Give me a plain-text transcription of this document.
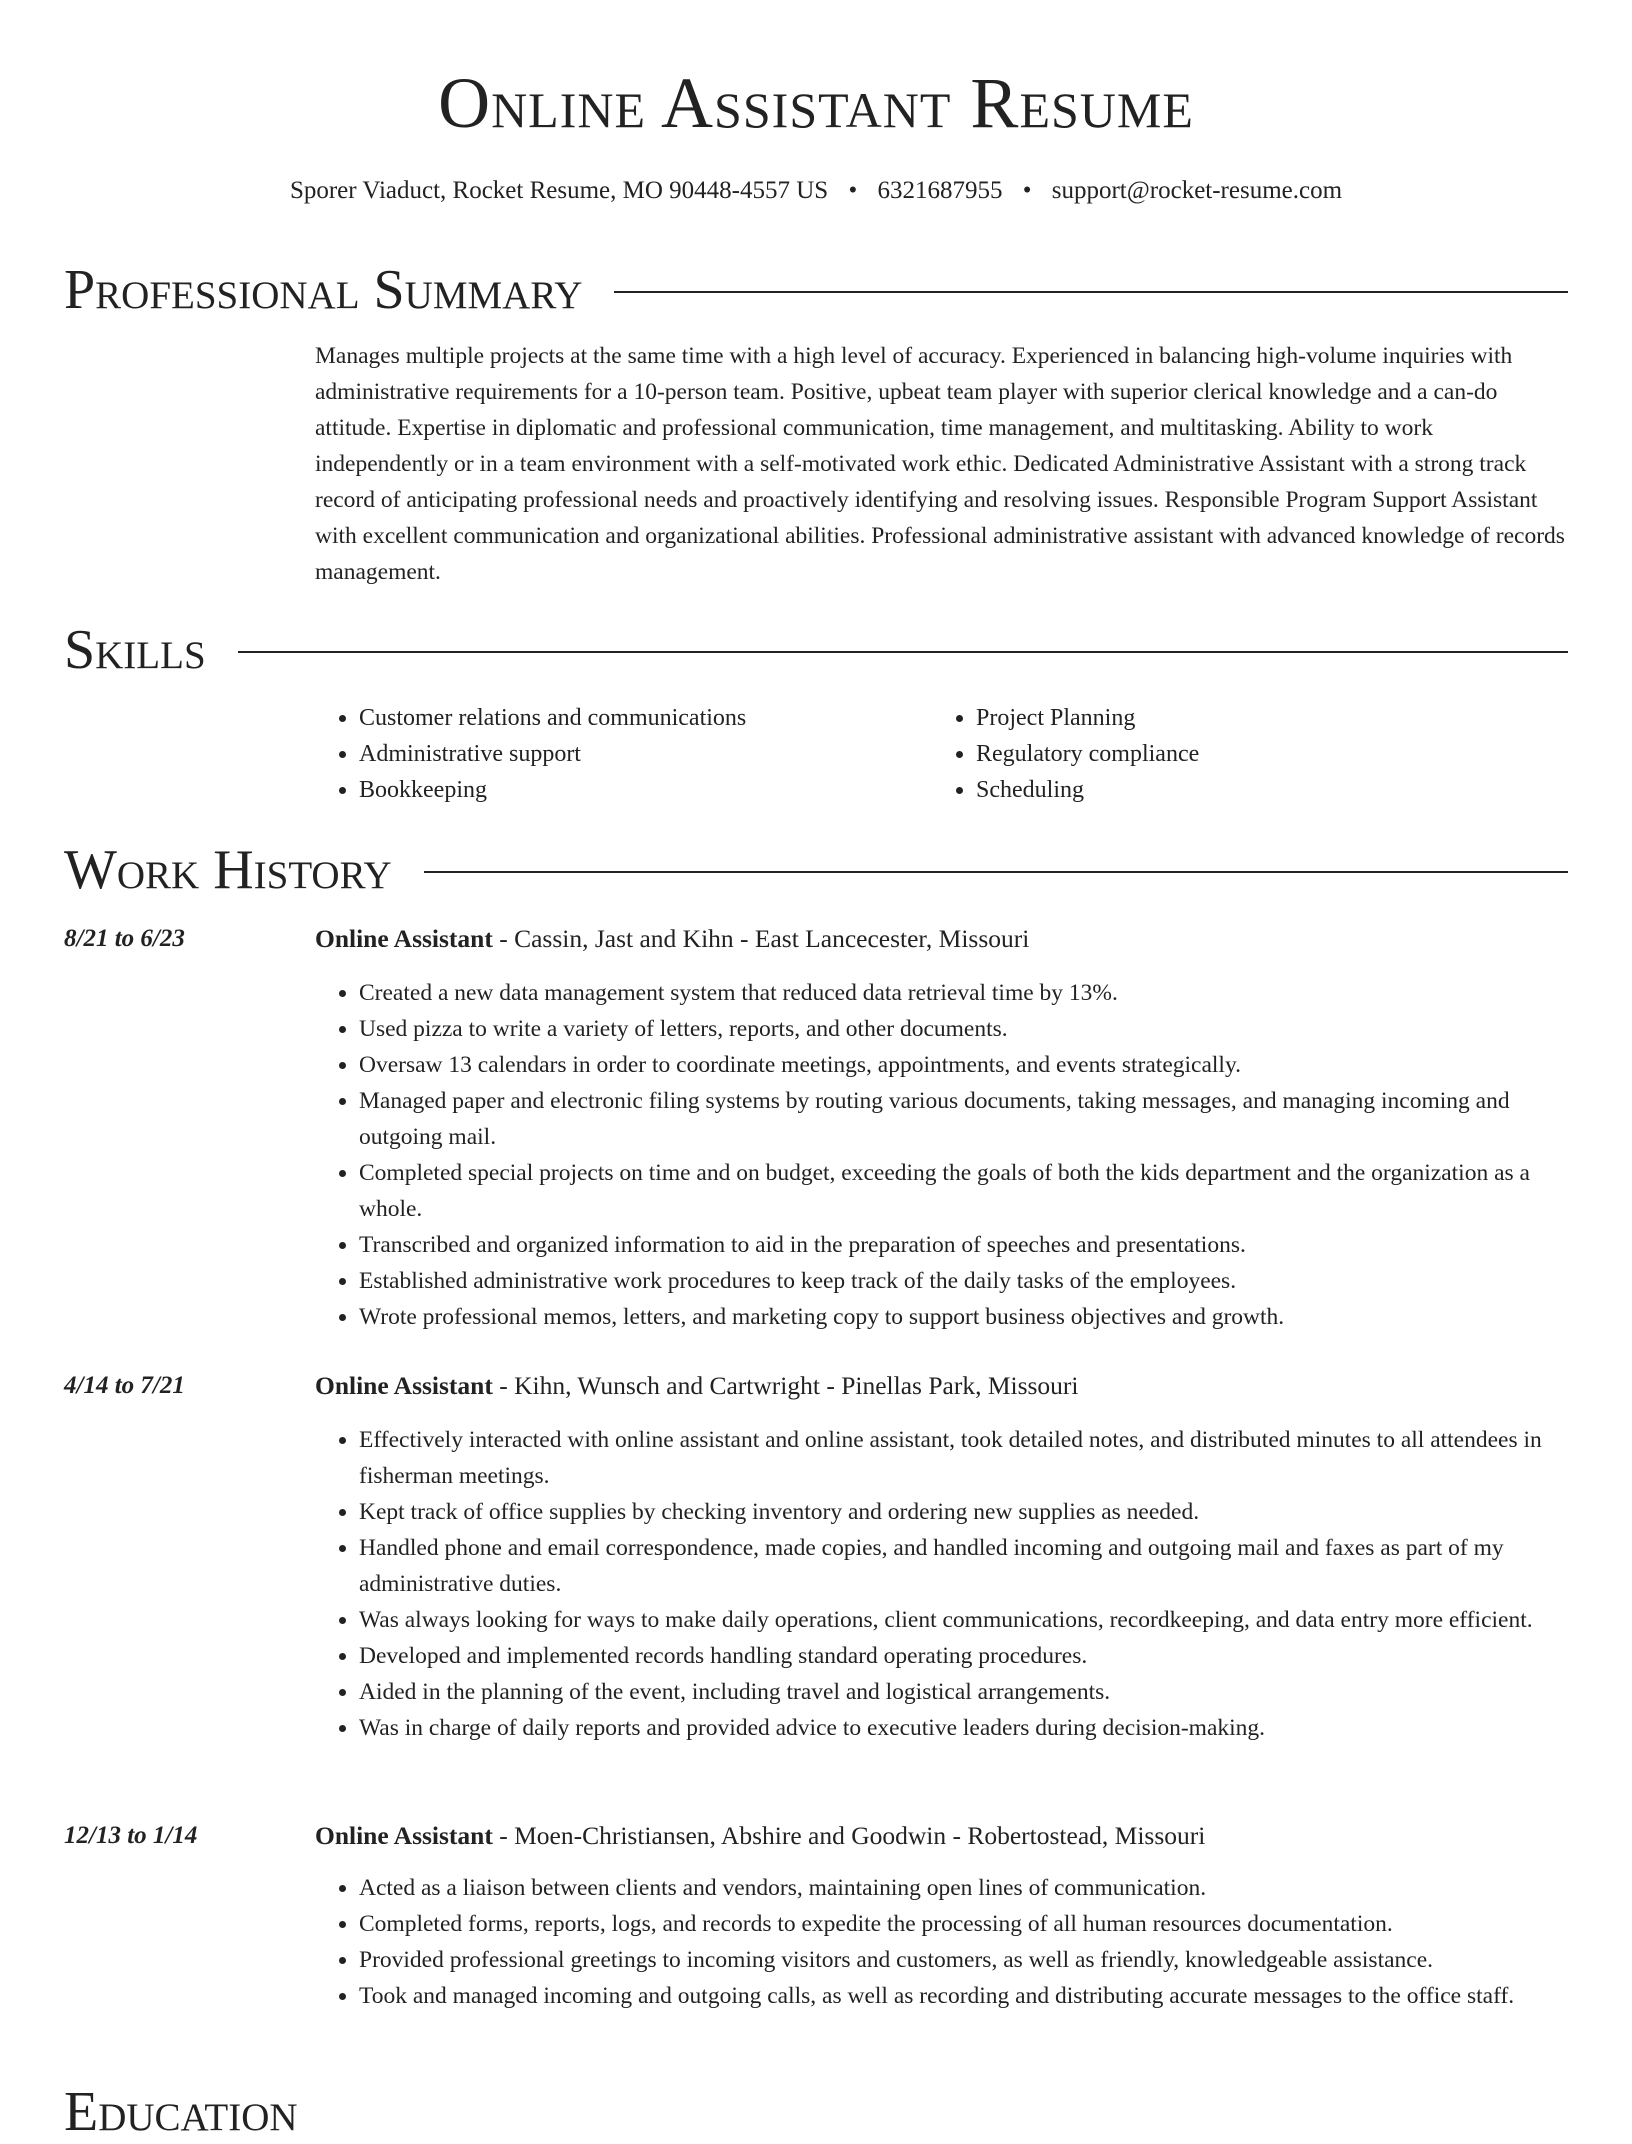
Online Assistant Resume
Sporer Viaduct, Rocket Resume, MO 90448-4557 US • 6321687955 • support@rocket-resume.com
Professional Summary

Manages multiple projects at the same time with a high level of accuracy. Experienced in balancing high-volume inquiries with administrative requirements for a 10-person team. Positive, upbeat team player with superior clerical knowledge and a can-do attitude. Expertise in diplomatic and professional communication, time management, and multitasking. Ability to work independently or in a team environment with a self-motivated work ethic. Dedicated Administrative Assistant with a strong track record of anticipating professional needs and proactively identifying and resolving issues. Responsible Program Support Assistant with excellent communication and organizational abilities. Professional administrative assistant with advanced knowledge of records management.

Skills
• Customer relations and communications
• Administrative support
• Bookkeeping
• Project Planning
• Regulatory compliance
• Scheduling
Work History
8/21 to 6/23	Online Assistant - Cassin, Jast and Kihn - East Lancecester, Missouri
• Created a new data management system that reduced data retrieval time by 13%.
• Used pizza to write a variety of letters, reports, and other documents.
• Oversaw 13 calendars in order to coordinate meetings, appointments, and events strategically.
• Managed paper and electronic filing systems by routing various documents, taking messages, and managing incoming and outgoing mail.
• Completed special projects on time and on budget, exceeding the goals of both the kids department and the organization as a whole.
• Transcribed and organized information to aid in the preparation of speeches and presentations.
• Established administrative work procedures to keep track of the daily tasks of the employees.
• Wrote professional memos, letters, and marketing copy to support business objectives and growth.
4/14 to 7/21	Online Assistant - Kihn, Wunsch and Cartwright - Pinellas Park, Missouri
• Effectively interacted with online assistant and online assistant, took detailed notes, and distributed minutes to all attendees in fisherman meetings.
• Kept track of office supplies by checking inventory and ordering new supplies as needed.
• Handled phone and email correspondence, made copies, and handled incoming and outgoing mail and faxes as part of my administrative duties.
• Was always looking for ways to make daily operations, client communications, recordkeeping, and data entry more efficient.
• Developed and implemented records handling standard operating procedures.
• Aided in the planning of the event, including travel and logistical arrangements.
• Was in charge of daily reports and provided advice to executive leaders during decision-making.
12/13 to 1/14	Online Assistant - Moen-Christiansen, Abshire and Goodwin - Robertostead, Missouri
• Acted as a liaison between clients and vendors, maintaining open lines of communication.
• Completed forms, reports, logs, and records to expedite the processing of all human resources documentation.
• Provided professional greetings to incoming visitors and customers, as well as friendly, knowledgeable assistance.
• Took and managed incoming and outgoing calls, as well as recording and distributing accurate messages to the office staff.
Education
